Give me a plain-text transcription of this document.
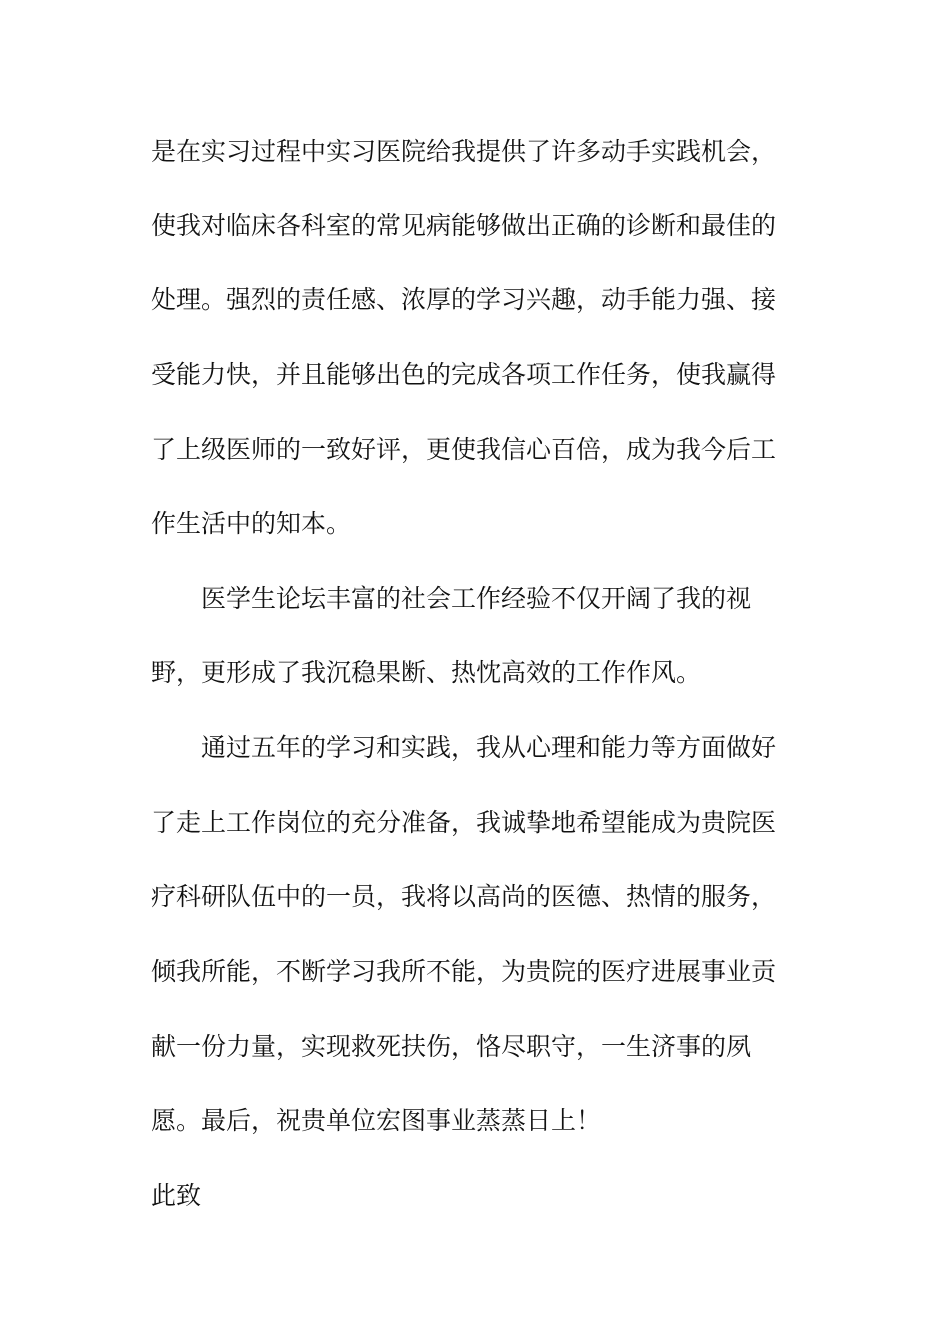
是在实习过程中实习医院给我提供了许多动手实践机会，
使我对临床各科室的常见病能够做出正确的诊断和最佳的
处理。强烈的责任感、浓厚的学习兴趣，动手能力强、接
受能力快，并且能够出色的完成各项工作任务，使我赢得
了上级医师的一致好评，更使我信心百倍，成为我今后工
作生活中的知本。
医学生论坛丰富的社会工作经验不仅开阔了我的视
野，更形成了我沉稳果断、热忱高效的工作作风。
通过五年的学习和实践，我从心理和能力等方面做好
了走上工作岗位的充分准备，我诚挚地希望能成为贵院医
疗科研队伍中的一员，我将以高尚的医德、热情的服务，
倾我所能，不断学习我所不能，为贵院的医疗进展事业贡
献一份力量，实现救死扶伤，恪尽职守，一生济事的夙
愿。最后，祝贵单位宏图事业蒸蒸日上！
此致
